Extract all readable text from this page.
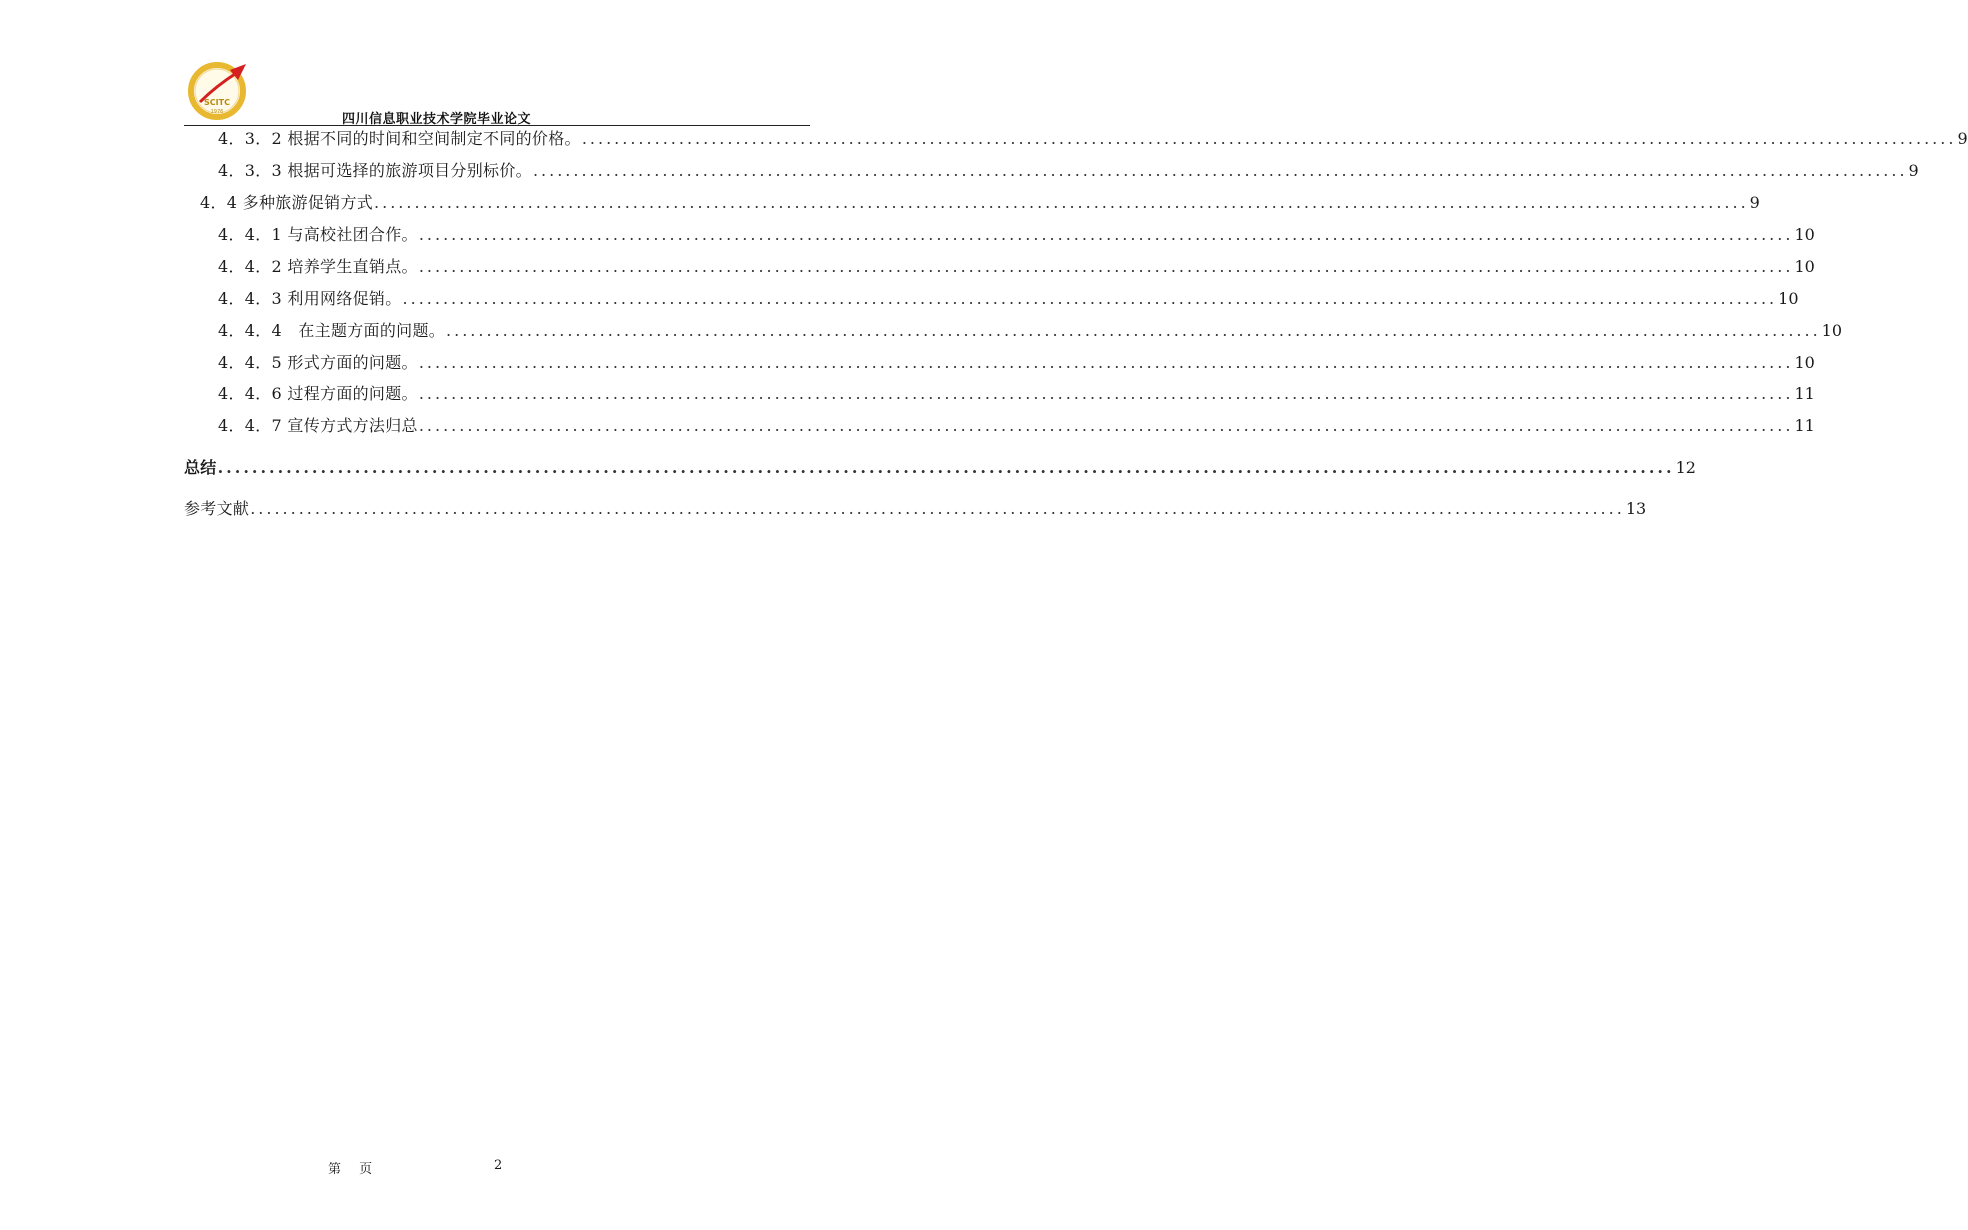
SCITC
1976	四川信息职业技术学院毕业论文
4．3．2 根据不同的时间和空间制定不同的价格。 .......................................................................................................................................................................... 9
4．3．3 根据可选择的旅游项目分别标价。 .......................................................................................................................................................................... 9
4．4 多种旅游促销方式 .......................................................................................................................................................................... 9
4．4．1 与高校社团合作。 .......................................................................................................................................................................... 10
4．4．2 培养学生直销点。 .......................................................................................................................................................................... 10
4．4．3 利用网络促销。 .......................................................................................................................................................................... 10
4．4．4　在主题方面的问题。 .......................................................................................................................................................................... 10
4．4．5 形式方面的问题。 .......................................................................................................................................................................... 10
4．4．6 过程方面的问题。 .......................................................................................................................................................................... 11
4．4．7 宣传方式方法归总 .......................................................................................................................................................................... 11
总结 .......................................................................................................................................................................... 12
参考文献 .......................................................................................................................................................................... 13
第 页	2
